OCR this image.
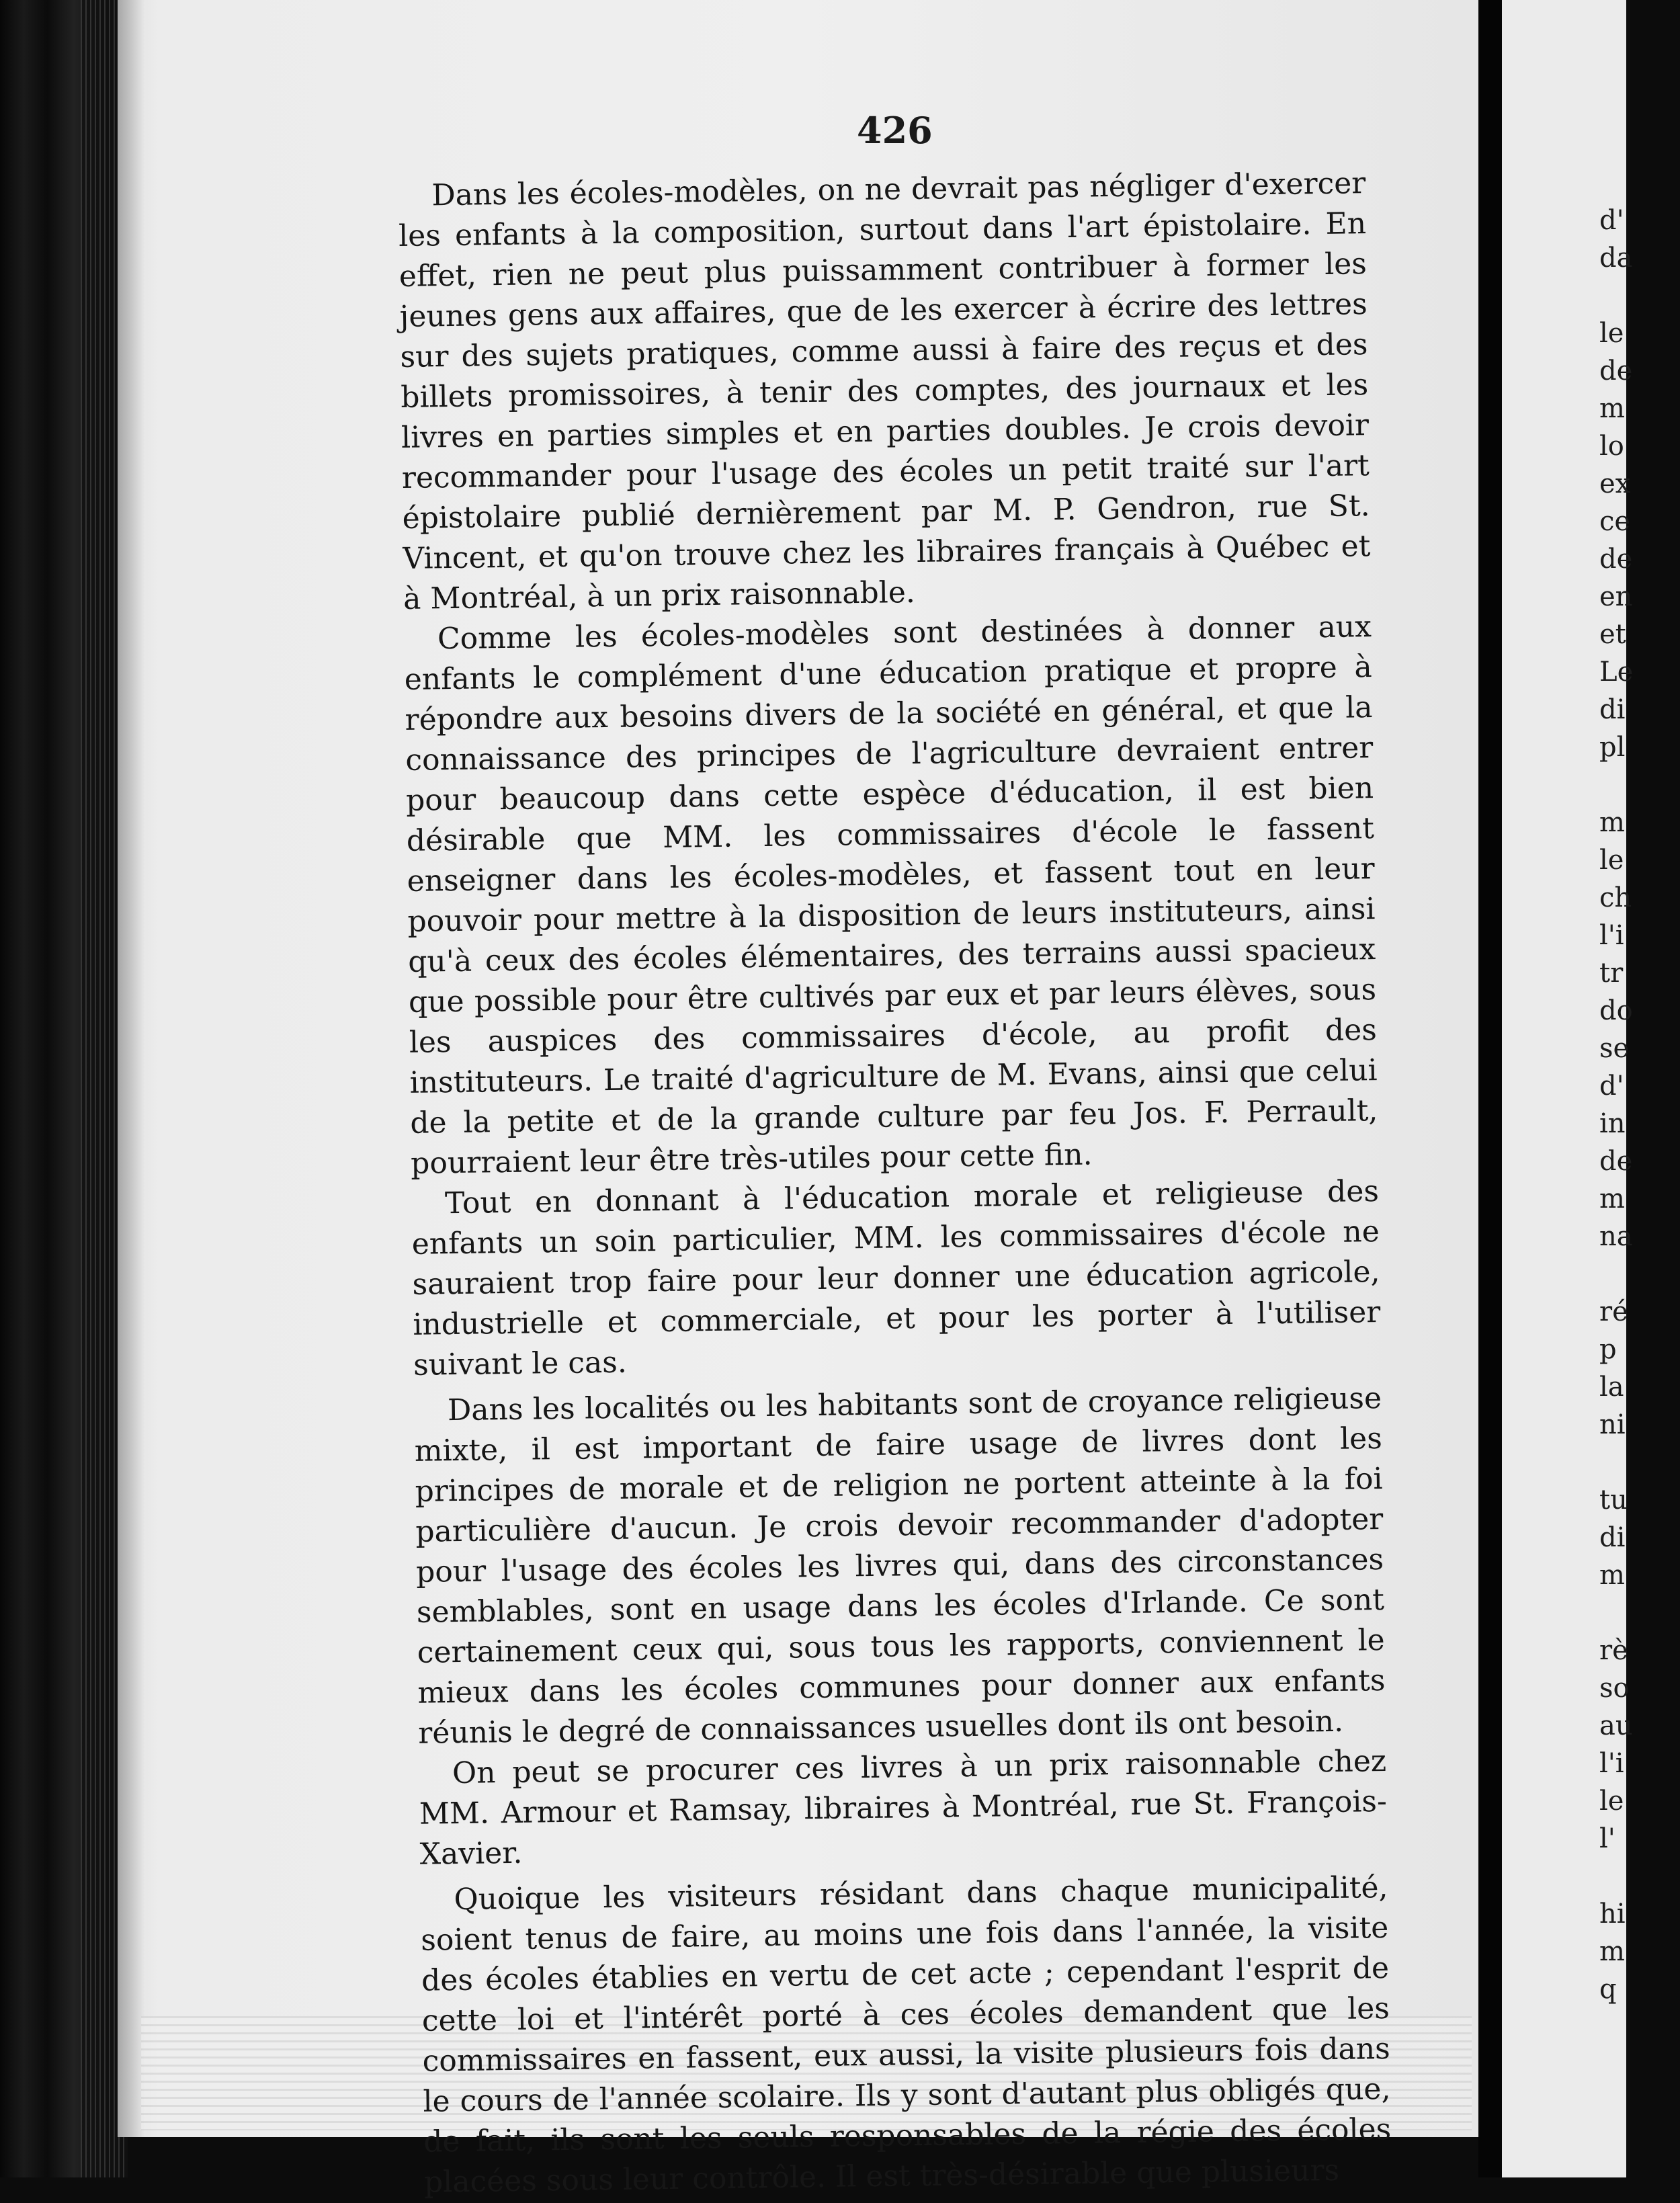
d'
da
le
de
m
lo
ex
ce
de
en
et
Le
di
pl
m
le
ch
l'i
tr
do
se
d'
in
de
m
na
ré
p
la
ni
tu
di
m
rè
so
au
l'i
le
l'
hi
m
q
426

Dans les écoles-modèles, on ne devrait pas négliger d'exercer les enfants à la composition, surtout dans l'art épistolaire. En effet, rien ne peut plus puissamment contribuer à former les jeunes gens aux affaires, que de les exercer à écrire des lettres sur des sujets pratiques, comme aussi à faire des reçus et des billets promissoires, à tenir des comptes, des journaux et les livres en parties simples et en parties doubles. Je crois devoir recommander pour l'usage des écoles un petit traité sur l'art épistolaire publié dernièrement par M. P. Gendron, rue St. Vincent, et qu'on trouve chez les libraires français à Québec et à Montréal, à un prix raisonnable.

Comme les écoles-modèles sont destinées à donner aux enfants le complément d'une éducation pratique et propre à répondre aux besoins divers de la société en général, et que la connaissance des principes de l'agriculture devraient entrer pour beaucoup dans cette espèce d'éducation, il est bien désirable que MM. les commissaires d'école le fassent enseigner dans les écoles-modèles, et fassent tout en leur pouvoir pour mettre à la disposition de leurs instituteurs, ainsi qu'à ceux des écoles élémentaires, des terrains aussi spacieux que possible pour être cultivés par eux et par leurs élèves, sous les auspices des commissaires d'école, au profit des instituteurs. Le traité d'agriculture de M. Evans, ainsi que celui de la petite et de la grande culture par feu Jos. F. Perrault, pourraient leur être très-utiles pour cette fin.

Tout en donnant à l'éducation morale et religieuse des enfants un soin particulier, MM. les commissaires d'école ne sauraient trop faire pour leur donner une éducation agricole, industrielle et commerciale, et pour les porter à l'utiliser suivant le cas.

Dans les localités ou les habitants sont de croyance religieuse mixte, il est important de faire usage de livres dont les principes de morale et de religion ne portent atteinte à la foi particulière d'aucun. Je crois devoir recommander d'adopter pour l'usage des écoles les livres qui, dans des circonstances semblables, sont en usage dans les écoles d'Irlande. Ce sont certainement ceux qui, sous tous les rapports, conviennent le mieux dans les écoles communes pour donner aux enfants réunis le degré de connaissances usuelles dont ils ont besoin.

On peut se procurer ces livres à un prix raisonnable chez MM. Armour et Ramsay, libraires à Montréal, rue St. François-Xavier.

Quoique les visiteurs résidant dans chaque municipalité, soient tenus de faire, au moins une fois dans l'année, la visite des écoles établies en vertu de cet acte ; cependant l'esprit de cette loi et l'intérêt porté à ces écoles demandent que les commissaires en fassent, eux aussi, la visite plusieurs fois dans le cours de l'année scolaire. Ils y sont d'autant plus obligés que, de fait, ils sont les seuls responsables de la régie des écoles placées sous leur contrôle. Il est très-désirable que plusieurs
